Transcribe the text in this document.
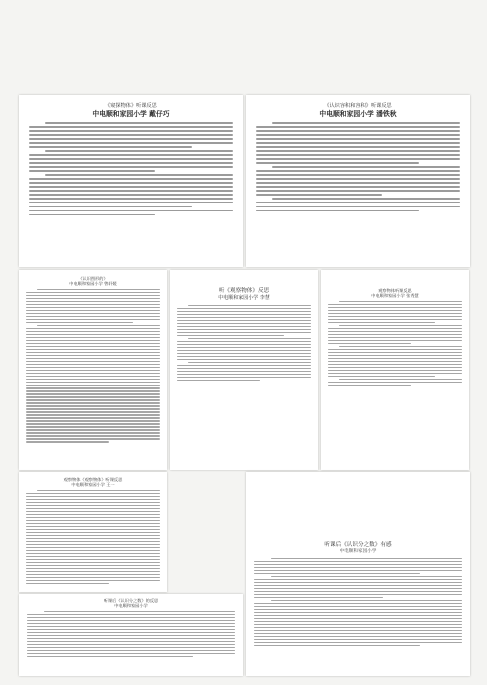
《窥探物体》听课反思

中电顺和家园小学 戴仔巧

《认识容积和容积》听课反思

中电顺和家园小学 潘铁秋

《认识图形的》

中电顺和家园小学 曾轩媛

听《观察物体》反思

中电顺和家园小学 李慧

观察物体听课反思

中电顺和家园小学 张秀慧

观察物体《观察物体》听课反思

中电顺和家园小学 王一

听课后《认识分之数》的反思

中电顺和家园小学

听课后《认识分之数》有感

中电顺和家园小学
